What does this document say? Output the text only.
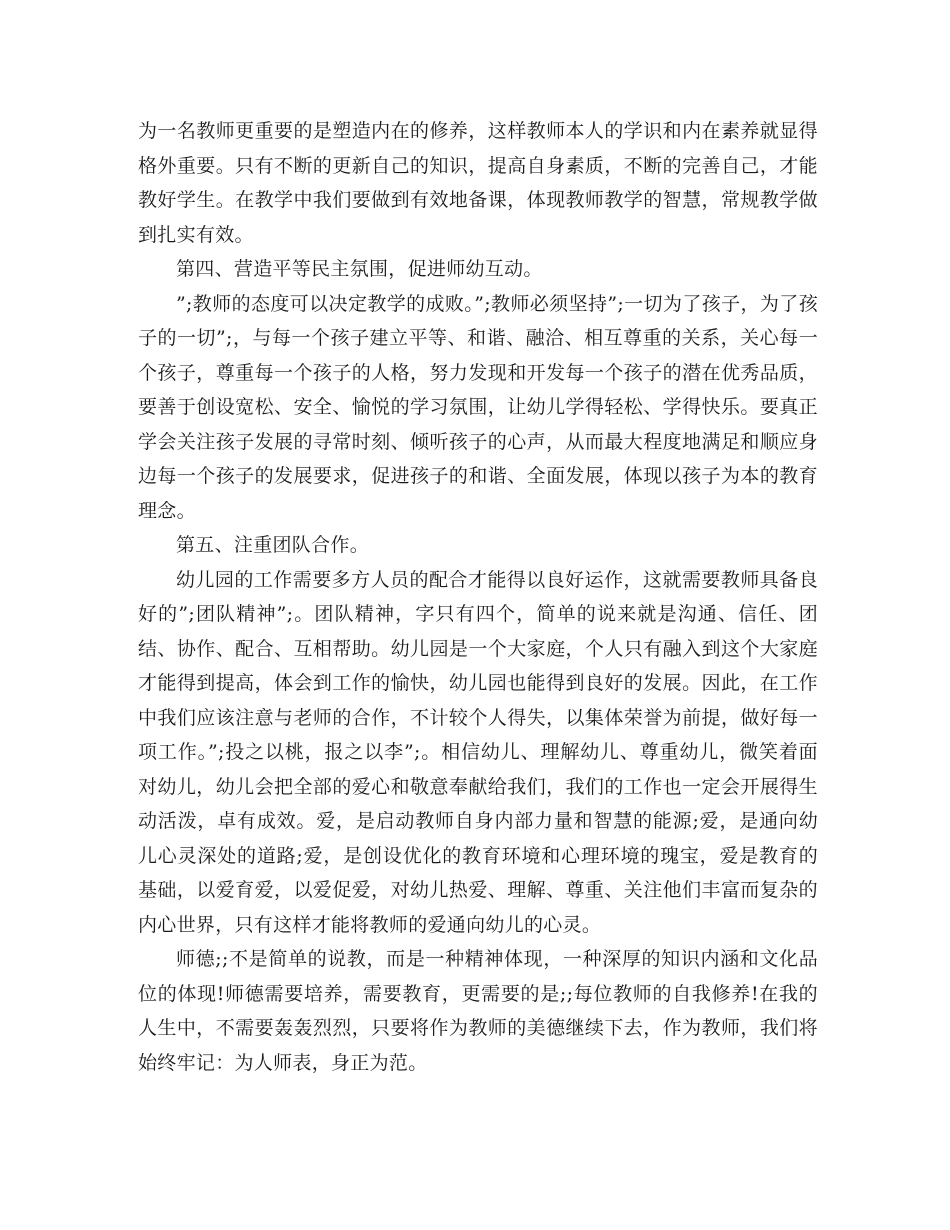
为一名教师更重要的是塑造内在的修养，这样教师本人的学识和内在素养就显得格外重要。只有不断的更新自己的知识，提高自身素质，不断的完善自己，才能教好学生。在教学中我们要做到有效地备课，体现教师教学的智慧，常规教学做到扎实有效。

第四、营造平等民主氛围，促进师幼互动。

”;教师的态度可以决定教学的成败。”;教师必须坚持”;一切为了孩子，为了孩子的一切”;，与每一个孩子建立平等、和谐、融洽、相互尊重的关系，关心每一个孩子，尊重每一个孩子的人格，努力发现和开发每一个孩子的潜在优秀品质，要善于创设宽松、安全、愉悦的学习氛围，让幼儿学得轻松、学得快乐。要真正学会关注孩子发展的寻常时刻、倾听孩子的心声，从而最大程度地满足和顺应身边每一个孩子的发展要求，促进孩子的和谐、全面发展，体现以孩子为本的教育理念。

第五、注重团队合作。

幼儿园的工作需要多方人员的配合才能得以良好运作，这就需要教师具备良好的”;团队精神”;。团队精神，字只有四个，简单的说来就是沟通、信任、团结、协作、配合、互相帮助。幼儿园是一个大家庭，个人只有融入到这个大家庭才能得到提高，体会到工作的愉快，幼儿园也能得到良好的发展。因此，在工作中我们应该注意与老师的合作，不计较个人得失，以集体荣誉为前提，做好每一项工作。”;投之以桃，报之以李”;。相信幼儿、理解幼儿、尊重幼儿，微笑着面对幼儿，幼儿会把全部的爱心和敬意奉献给我们，我们的工作也一定会开展得生动活泼，卓有成效。爱，是启动教师自身内部力量和智慧的能源;爱，是通向幼儿心灵深处的道路;爱，是创设优化的教育环境和心理环境的瑰宝，爱是教育的基础，以爱育爱，以爱促爱，对幼儿热爱、理解、尊重、关注他们丰富而复杂的内心世界，只有这样才能将教师的爱通向幼儿的心灵。

师德;;不是简单的说教，而是一种精神体现，一种深厚的知识内涵和文化品位的体现!师德需要培养，需要教育，更需要的是;;每位教师的自我修养!在我的人生中，不需要轰轰烈烈，只要将作为教师的美德继续下去，作为教师，我们将始终牢记：为人师表，身正为范。
